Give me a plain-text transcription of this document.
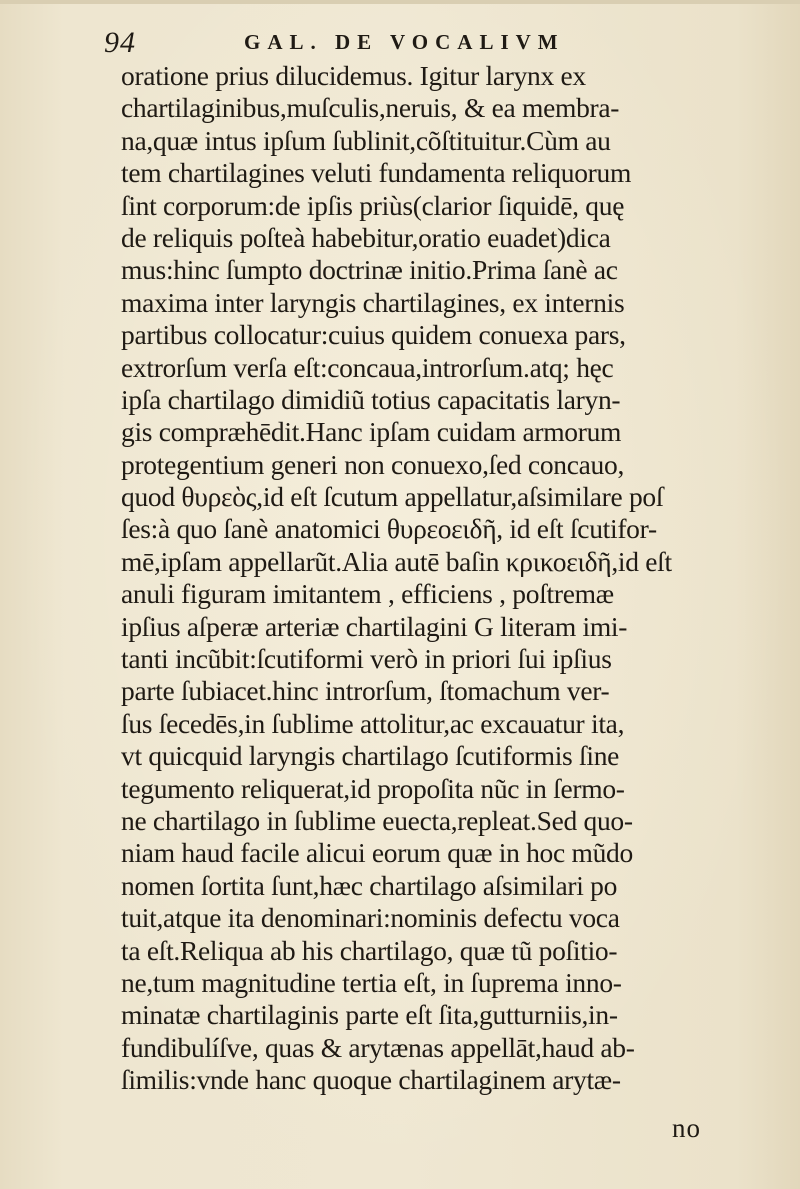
94	GAL. DE VOCALIVM
oratione prius dilucidemus. Igitur larynx ex
chartilaginibus,muſculis,neruis, & ea membra-
na,quæ intus ipſum ſublinit,cõſtituitur.Cùm au
tem chartilagines veluti fundamenta reliquorum
ſint corporum:de ipſis priùs(clarior ſiquidē, quę
de reliquis poſteà habebitur,oratio euadet)dica
mus:hinc ſumpto doctrinæ initio.Prima ſanè ac
maxima inter laryngis chartilagines, ex internis
partibus collocatur:cuius quidem conuexa pars,
extrorſum verſa eſt:concaua,introrſum.atq; hęc
ipſa chartilago dimidiũ totius capacitatis laryn-
gis compræhēdit.Hanc ipſam cuidam armorum
protegentium generi non conuexo,ſed concauo,
quod θυρεὸς,id eſt ſcutum appellatur,aſsimilare poſ
ſes:à quo ſanè anatomici θυρεοειδῆ, id eſt ſcutifor-
mē,ipſam appellarũt.Alia autē baſin κρικοειδῆ,id eſt
anuli figuram imitantem , efficiens , poſtremæ
ipſius aſperæ arteriæ chartilagini G literam imi-
tanti incũbit:ſcutiformi verò in priori ſui ipſius
parte ſubiacet.hinc introrſum, ſtomachum ver-
ſus ſecedēs,in ſublime attolitur,ac excauatur ita,
vt quicquid laryngis chartilago ſcutiformis ſine
tegumento reliquerat,id propoſita nũc in ſermo-
ne chartilago in ſublime euecta,repleat.Sed quo-
niam haud facile alicui eorum quæ in hoc mũdo
nomen ſortita ſunt,hæc chartilago aſsimilari po
tuit,atque ita denominari:nominis defectu voca
ta eſt.Reliqua ab his chartilago, quæ tũ poſitio-
ne,tum magnitudine tertia eſt, in ſuprema inno-
minatæ chartilaginis parte eſt ſita,gutturniis,in-
fundibulíſve, quas & arytænas appellāt,haud ab-
ſimilis:vnde hanc quoque chartilaginem arytæ-
no
